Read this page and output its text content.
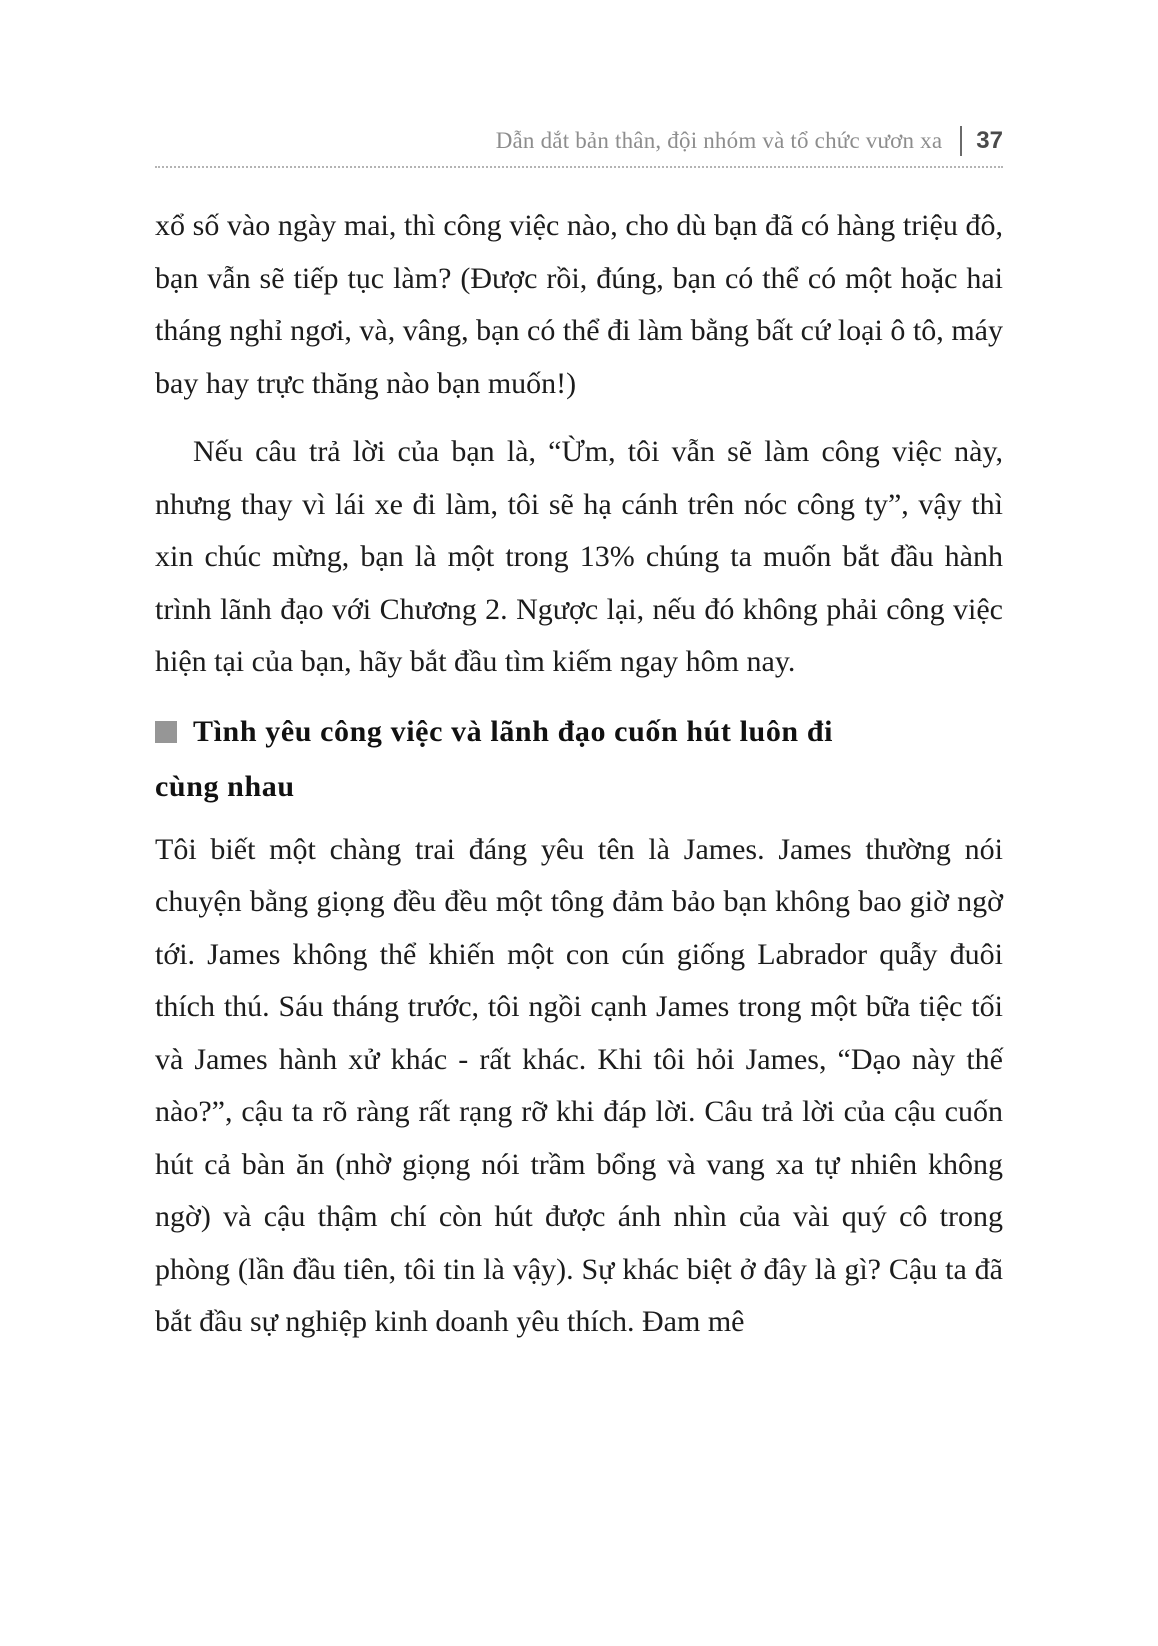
Dẫn dắt bản thân, đội nhóm và tổ chức vươn xa 37

xổ số vào ngày mai, thì công việc nào, cho dù bạn đã có hàng triệu đô, bạn vẫn sẽ tiếp tục làm? (Được rồi, đúng, bạn có thể có một hoặc hai tháng nghỉ ngơi, và, vâng, bạn có thể đi làm bằng bất cứ loại ô tô, máy bay hay trực thăng nào bạn muốn!)

Nếu câu trả lời của bạn là, “Ừm, tôi vẫn sẽ làm công việc này, nhưng thay vì lái xe đi làm, tôi sẽ hạ cánh trên nóc công ty”, vậy thì xin chúc mừng, bạn là một trong 13% chúng ta muốn bắt đầu hành trình lãnh đạo với Chương 2. Ngược lại, nếu đó không phải công việc hiện tại của bạn, hãy bắt đầu tìm kiếm ngay hôm nay.

Tình yêu công việc và lãnh đạo cuốn hút luôn đi
cùng nhau

Tôi biết một chàng trai đáng yêu tên là James. James thường nói chuyện bằng giọng đều đều một tông đảm bảo bạn không bao giờ ngờ tới. James không thể khiến một con cún giống Labrador quẫy đuôi thích thú. Sáu tháng trước, tôi ngồi cạnh James trong một bữa tiệc tối và James hành xử khác - rất khác. Khi tôi hỏi James, “Dạo này thế nào?”, cậu ta rõ ràng rất rạng rỡ khi đáp lời. Câu trả lời của cậu cuốn hút cả bàn ăn (nhờ giọng nói trầm bổng và vang xa tự nhiên không ngờ) và cậu thậm chí còn hút được ánh nhìn của vài quý cô trong phòng (lần đầu tiên, tôi tin là vậy). Sự khác biệt ở đây là gì? Cậu ta đã bắt đầu sự nghiệp kinh doanh yêu thích. Đam mê
